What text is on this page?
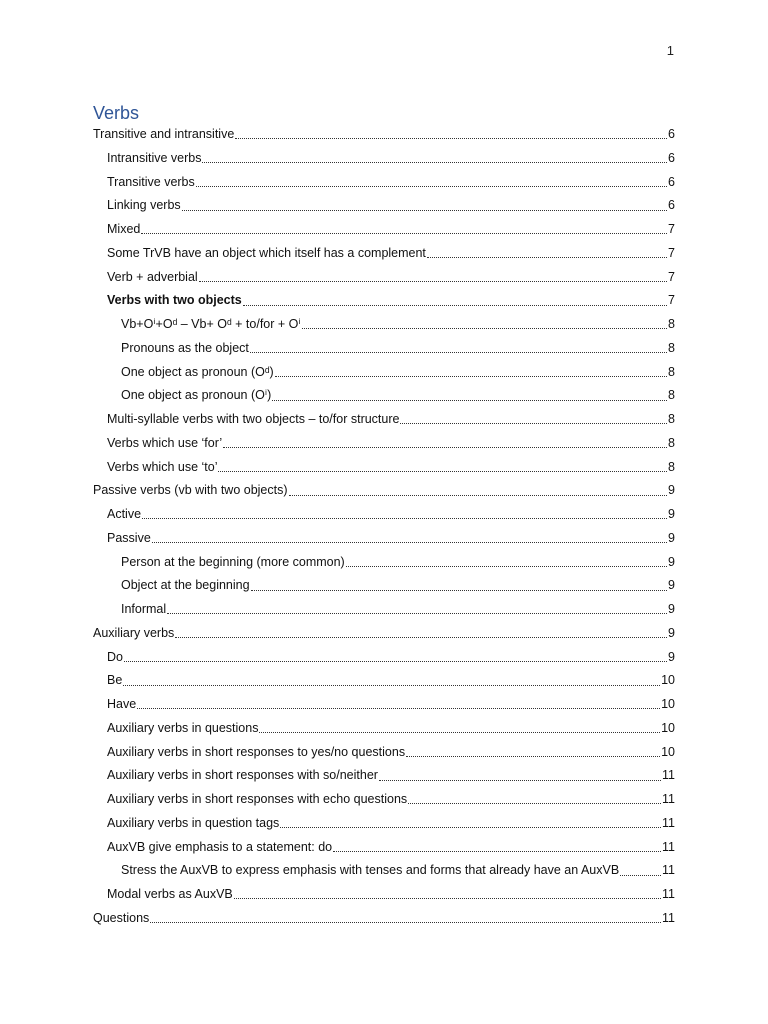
1
Verbs
Transitive and intransitive	6
Intransitive verbs	6
Transitive verbs	6
Linking verbs	6
Mixed	7
Some TrVB have an object which itself has a complement	7
Verb + adverbial	7
Verbs with two objects	7
Vb+Oⁱ+Oᵈ – Vb+ Oᵈ + to/for + Oⁱ	8
Pronouns as the object	8
One object as pronoun (Oᵈ)	8
One object as pronoun (Oⁱ)	8
Multi-syllable verbs with two objects – to/for structure	8
Verbs which use ‘for’	8
Verbs which use ‘to’	8
Passive verbs (vb with two objects)	9
Active	9
Passive	9
Person at the beginning (more common)	9
Object at the beginning	9
Informal	9
Auxiliary verbs	9
Do	9
Be	10
Have	10
Auxiliary verbs in questions	10
Auxiliary verbs in short responses to yes/no questions	10
Auxiliary verbs in short responses with so/neither	11
Auxiliary verbs in short responses with echo questions	11
Auxiliary verbs in question tags	11
AuxVB give emphasis to a statement: do	11
Stress the AuxVB to express emphasis with tenses and forms that already have an AuxVB	11
Modal verbs as AuxVB	11
Questions	11
